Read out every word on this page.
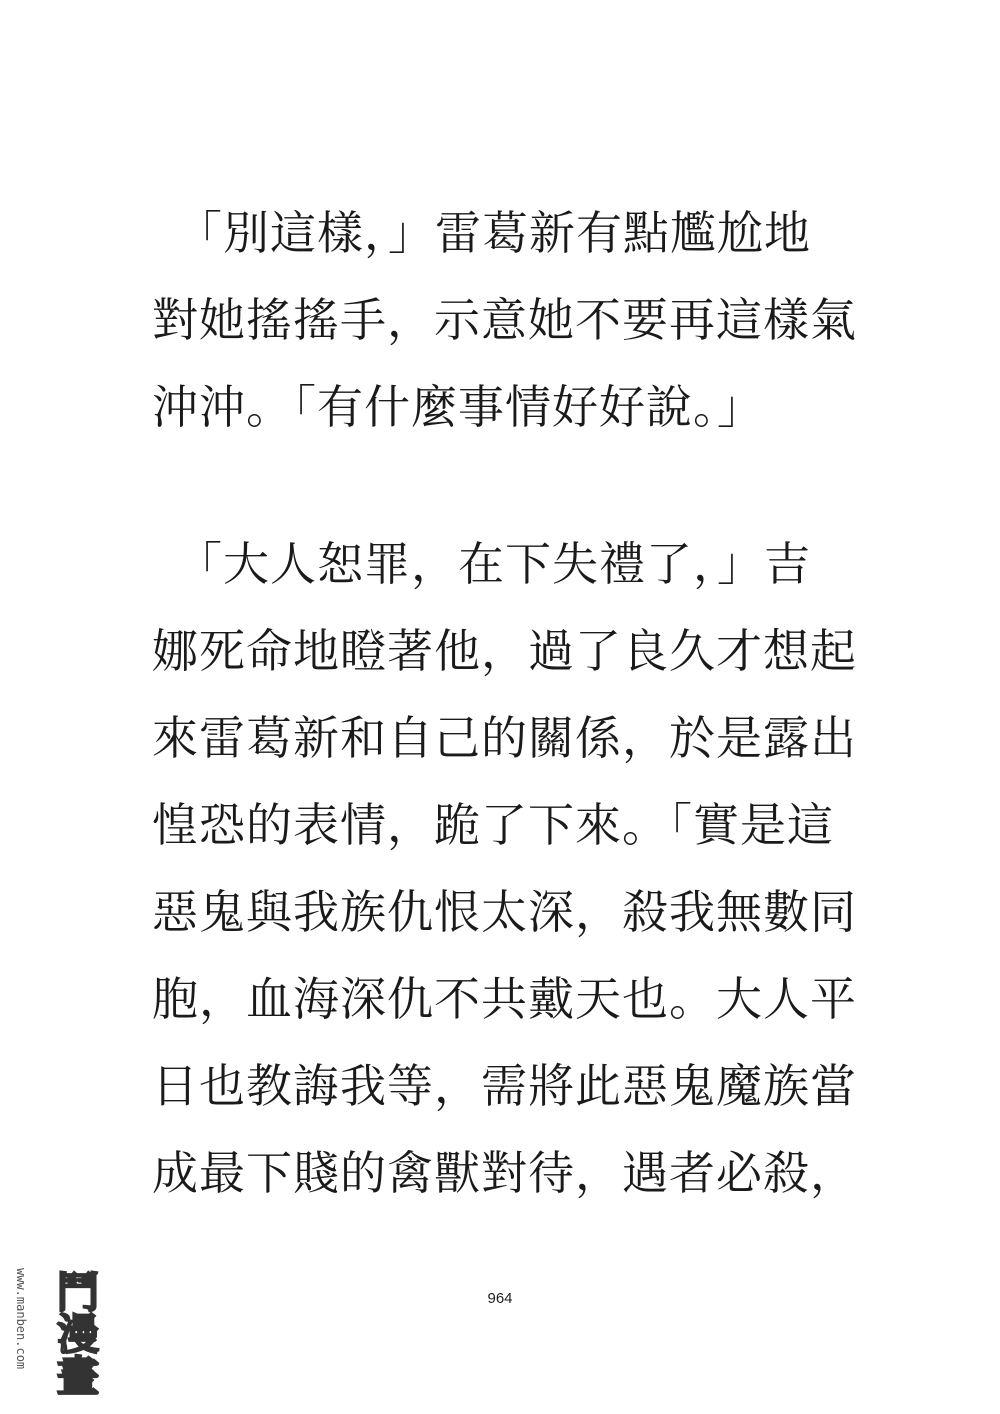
　「別這樣，」雷葛新有點尷尬地
對她搖搖手，示意她不要再這樣氣
沖沖。「有什麼事情好好說。」
　「大人恕罪，在下失禮了，」吉
娜死命地瞪著他，過了良久才想起
來雷葛新和自己的關係，於是露出
惶恐的表情，跪了下來。「實是這
惡鬼與我族仇恨太深，殺我無數同
胞，血海深仇不共戴天也。大人平
日也教誨我等，需將此惡鬼魔族當
成最下賤的禽獸對待，遇者必殺，
964
www.manben.com 鬥漫畫
